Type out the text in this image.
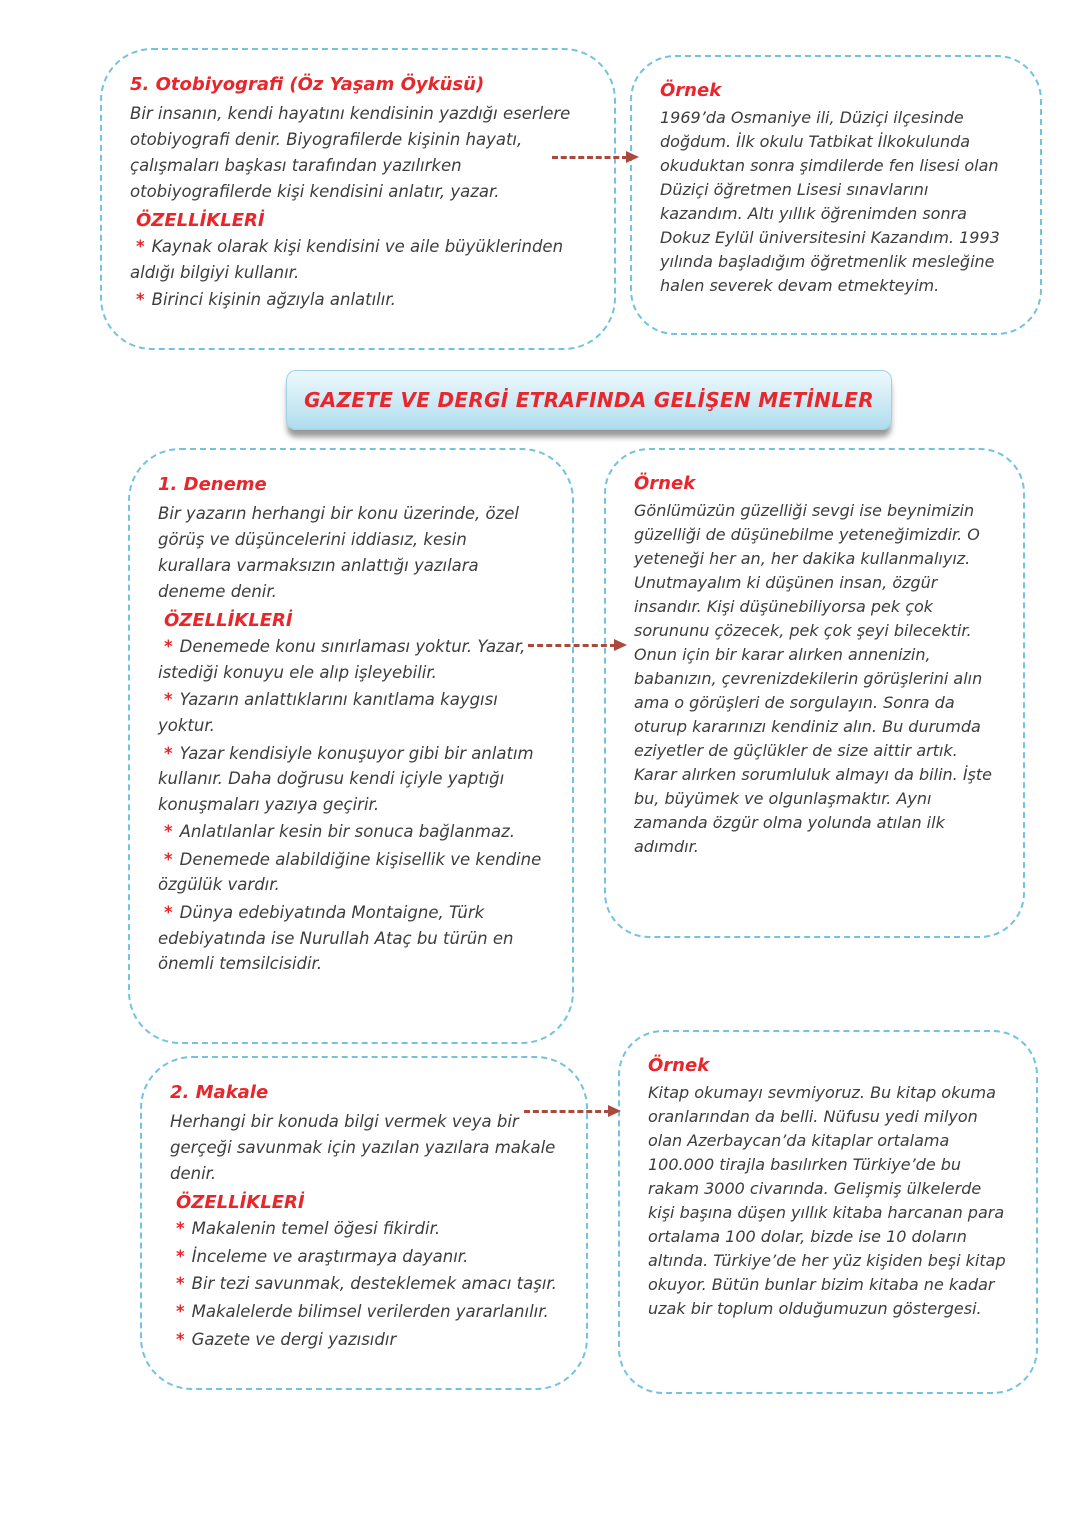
5. Otobiyografi (Öz Yaşam Öyküsü)

Bir insanın, kendi hayatını kendisinin yazdığı eserlere otobiyografi denir. Biyografilerde kişinin hayatı, çalışmaları başkası tarafından yazılırken otobiyografilerde kişi kendisini anlatır, yazar.

ÖZELLİKLERİ

* Kaynak olarak kişi kendisini ve aile büyüklerinden aldığı bilgiyi kullanır.
* Birinci kişinin ağzıyla anlatılır.

Örnek

1969’da Osmaniye ili, Düziçi ilçesinde doğdum. İlk okulu Tatbikat İlkokulunda okuduktan sonra şimdilerde fen lisesi olan Düziçi öğretmen Lisesi sınavlarını kazandım. Altı yıllık öğrenimden sonra Dokuz Eylül üniversitesini Kazandım. 1993 yılında başladığım öğretmenlik mesleğine halen severek devam etmekteyim.

GAZETE VE DERGİ ETRAFINDA GELİŞEN METİNLER

1. Deneme

Bir yazarın herhangi bir konu üzerinde, özel görüş ve düşüncelerini iddiasız, kesin kurallara varmaksızın anlattığı yazılara deneme denir.

ÖZELLİKLERİ

* Denemede konu sınırlaması yoktur. Yazar, istediği konuyu ele alıp işleyebilir.
* Yazarın anlattıklarını kanıtlama kaygısı yoktur.
* Yazar kendisiyle konuşuyor gibi bir anlatım kullanır. Daha doğrusu kendi içiyle yaptığı konuşmaları yazıya geçirir.
* Anlatılanlar kesin bir sonuca bağlanmaz.
* Denemede alabildiğine kişisellik ve kendine özgülük vardır.
* Dünya edebiyatında Montaigne, Türk edebiyatında ise Nurullah Ataç bu türün en önemli temsilcisidir.

Örnek

Gönlümüzün güzelliği sevgi ise beynimizin güzelliği de düşünebilme yeteneğimizdir. O yeteneği her an, her dakika kullanmalıyız. Unutmayalım ki düşünen insan, özgür insandır. Kişi düşünebiliyorsa pek çok sorununu çözecek, pek çok şeyi bilecektir. Onun için bir karar alırken annenizin, babanızın, çevrenizdekilerin görüşlerini alın ama o görüşleri de sorgulayın. Sonra da oturup kararınızı kendiniz alın. Bu durumda eziyetler de güçlükler de size aittir artık. Karar alırken sorumluluk almayı da bilin. İşte bu, büyümek ve olgunlaşmaktır. Aynı zamanda özgür olma yolunda atılan ilk adımdır.

2. Makale

Herhangi bir konuda bilgi vermek veya bir gerçeği savunmak için yazılan yazılara makale denir.

ÖZELLİKLERİ

* Makalenin temel öğesi fikirdir.
* İnceleme ve araştırmaya dayanır.
* Bir tezi savunmak, desteklemek amacı taşır.
* Makalelerde bilimsel verilerden yararlanılır.
* Gazete ve dergi yazısıdır

Örnek

Kitap okumayı sevmiyoruz. Bu kitap okuma oranlarından da belli. Nüfusu yedi milyon olan Azerbaycan’da kitaplar ortalama 100.000 tirajla basılırken Türkiye’de bu rakam 3000 civarında. Gelişmiş ülkelerde kişi başına düşen yıllık kitaba harcanan para ortalama 100 dolar, bizde ise 10 doların altında. Türkiye’de her yüz kişiden beşi kitap okuyor. Bütün bunlar bizim kitaba ne kadar uzak bir toplum olduğumuzun göstergesi.
